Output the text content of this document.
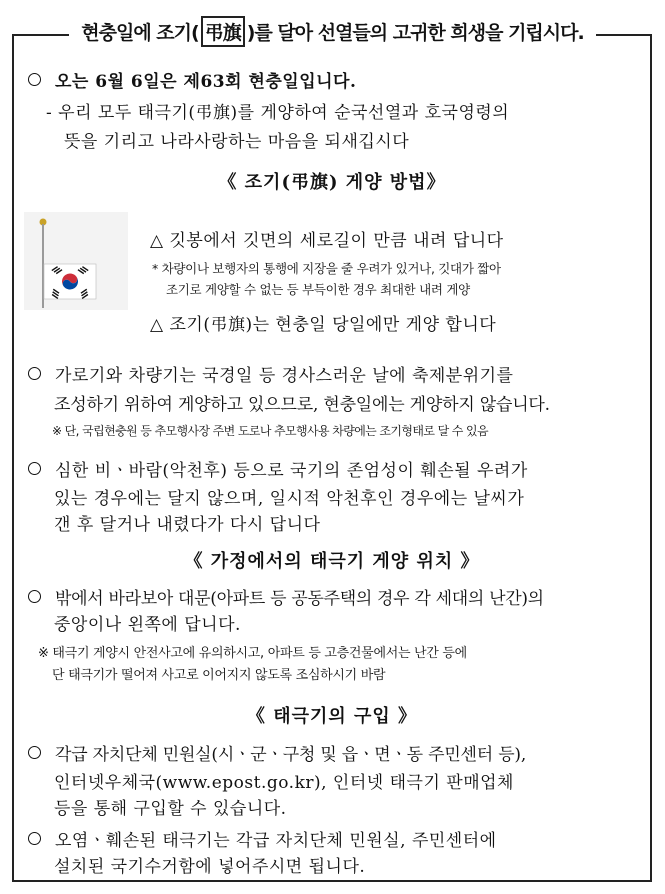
현충일에 조기( 弔旗 )를 달아 선열들의 고귀한 희생을 기립시다.
오는 6월 6일은 제63회 현충일입니다.
- 우리 모두 태극기(弔旗)를 게양하여 순국선열과 호국영령의
뜻을 기리고 나라사랑하는 마음을 되새깁시다
《 조기(弔旗) 게양 방법》
△ 깃봉에서 깃면의 세로길이 만큼 내려 답니다
* 차량이나 보행자의 통행에 지장을 줄 우려가 있거나, 깃대가 짧아
조기로 게양할 수 없는 등 부득이한 경우 최대한 내려 게양
△ 조기(弔旗)는 현충일 당일에만 게양 합니다
가로기와 차량기는 국경일 등 경사스러운 날에 축제분위기를
조성하기 위하여 게양하고 있으므로, 현충일에는 게양하지 않습니다.
※ 단, 국립현충원 등 추모행사장 주변 도로나 추모행사용 차량에는 조기형태로 달 수 있음
심한 비ㆍ바람(악천후) 등으로 국기의 존엄성이 훼손될 우려가
있는 경우에는 달지 않으며, 일시적 악천후인 경우에는 날씨가
갠 후 달거나 내렸다가 다시 답니다
《 가정에서의 태극기 게양 위치 》
밖에서 바라보아 대문(아파트 등 공동주택의 경우 각 세대의 난간)의
중앙이나 왼쪽에 답니다.
※ 태극기 게양시 안전사고에 유의하시고, 아파트 등 고층건물에서는 난간 등에
단 태극기가 떨어져 사고로 이어지지 않도록 조심하시기 바람
《 태극기의 구입 》
각급 자치단체 민원실(시ㆍ군ㆍ구청 및 읍ㆍ면ㆍ동 주민센터 등),
인터넷우체국(www.epost.go.kr), 인터넷 태극기 판매업체
등을 통해 구입할 수 있습니다.
오염ㆍ훼손된 태극기는 각급 자치단체 민원실, 주민센터에
설치된 국기수거함에 넣어주시면 됩니다.
